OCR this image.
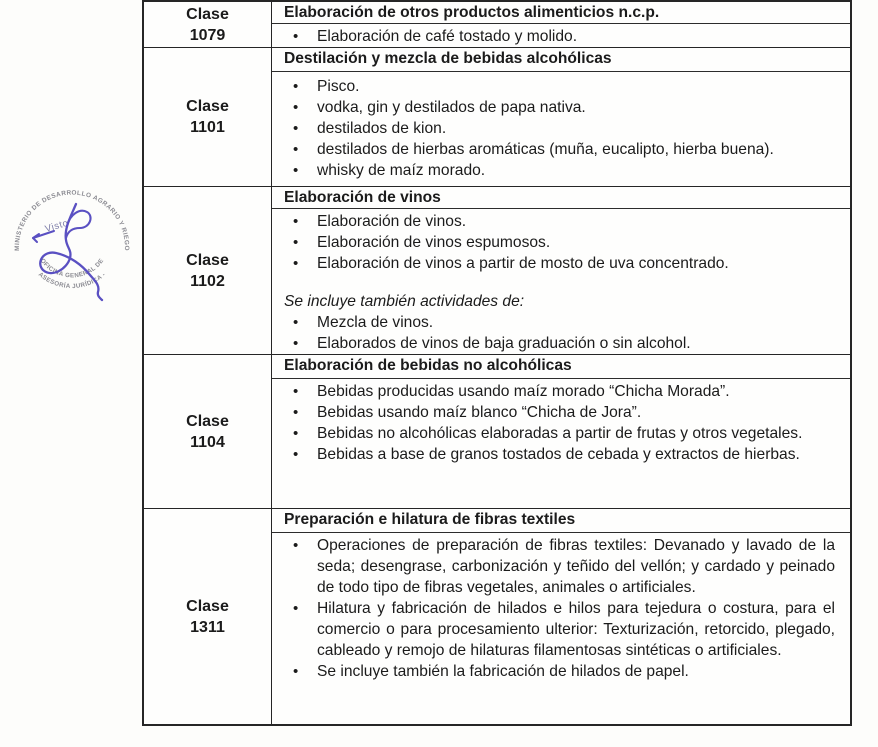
MINISTERIO DE DESARROLLO AGRARIO Y RIEGO
OFICINA GENERAL DE
ASESORÍA JURÍDICA -
Visto
Clase
1079
Elaboración de otros productos alimenticios n.c.p.
•	Elaboración de café tostado y molido.
Clase
1101
Destilación y mezcla de bebidas alcohólicas
•	Pisco.
•	vodka, gin y destilados de papa nativa.
•	destilados de kion.
•	destilados de hierbas aromáticas (muña, eucalipto, hierba buena).
•	whisky de maíz morado.
Clase
1102
Elaboración de vinos
•	Elaboración de vinos.
•	Elaboración de vinos espumosos.
•	Elaboración de vinos a partir de mosto de uva concentrado.
Se incluye también actividades de:
•	Mezcla de vinos.
•	Elaborados de vinos de baja graduación o sin alcohol.
Clase
1104
Elaboración de bebidas no alcohólicas
•	Bebidas producidas usando maíz morado “Chicha Morada”.
•	Bebidas usando maíz blanco “Chicha de Jora”.
•	Bebidas no alcohólicas elaboradas a partir de frutas y otros vegetales.
•	Bebidas a base de granos tostados de cebada y extractos de hierbas.
Clase
1311
Preparación e hilatura de fibras textiles
•	Operaciones de preparación de fibras textiles: Devanado y lavado de la seda; desengrase, carbonización y teñido del vellón; y cardado y peinado de todo tipo de fibras vegetales, animales o artificiales.
•	Hilatura y fabricación de hilados e hilos para tejedura o costura, para el comercio o para procesamiento ulterior: Texturización, retorcido, plegado, cableado y remojo de hilaturas filamentosas sintéticas o artificiales.
•	Se incluye también la fabricación de hilados de papel.
